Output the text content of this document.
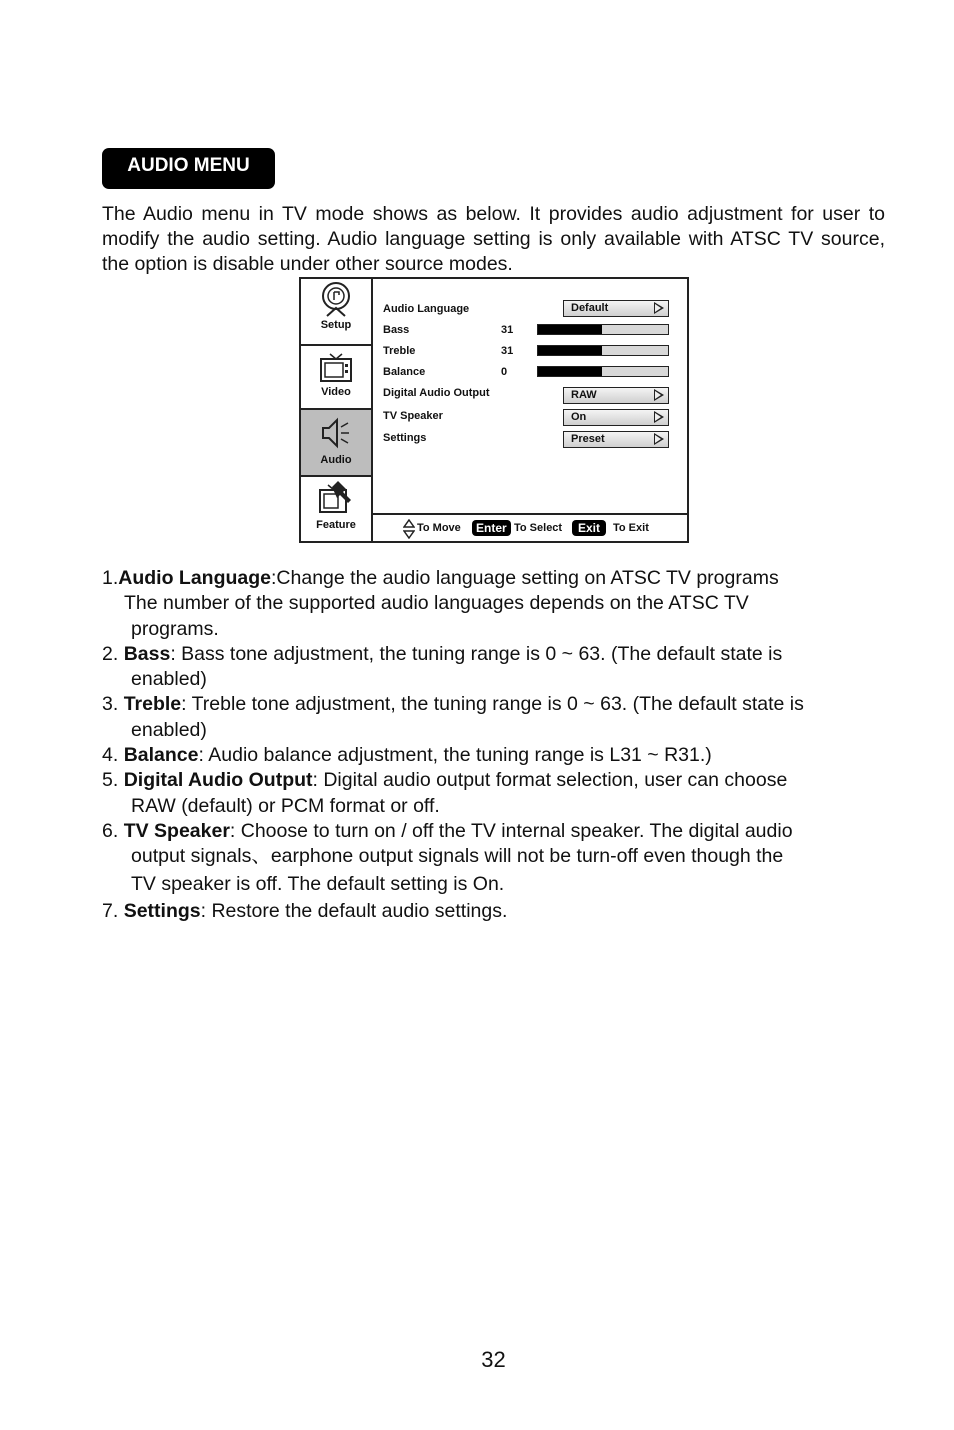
AUDIO MENU
The Audio menu in TV mode shows as below. It provides audio adjustment for user to modify the audio setting. Audio language setting is only available with ATSC TV source, the option is disable under other source modes.
Setup
Video
Audio
Feature
Audio Language	Default
Bass	31
Treble	31
Balance	0
Digital Audio Output	RAW
TV Speaker	On
Settings	Preset
To Move	Enter To Select	Exit	To Exit
1.Audio Language:Change the audio language setting on ATSC TV programs
The number of the supported audio languages depends on the ATSC TV
programs.
2. Bass: Bass tone adjustment, the tuning range is 0 ~ 63. (The default state is
enabled)
3. Treble: Treble tone adjustment, the tuning range is 0 ~ 63. (The default state is
enabled)
4. Balance: Audio balance adjustment, the tuning range is L31 ~ R31.)
5. Digital Audio Output: Digital audio output format selection, user can choose
RAW (default) or PCM format or off.
6. TV Speaker: Choose to turn on / off the TV internal speaker. The digital audio
output signals、earphone output signals will not be turn-off even though the
TV speaker is off. The default setting is On.
7. Settings: Restore the default audio settings.
32
